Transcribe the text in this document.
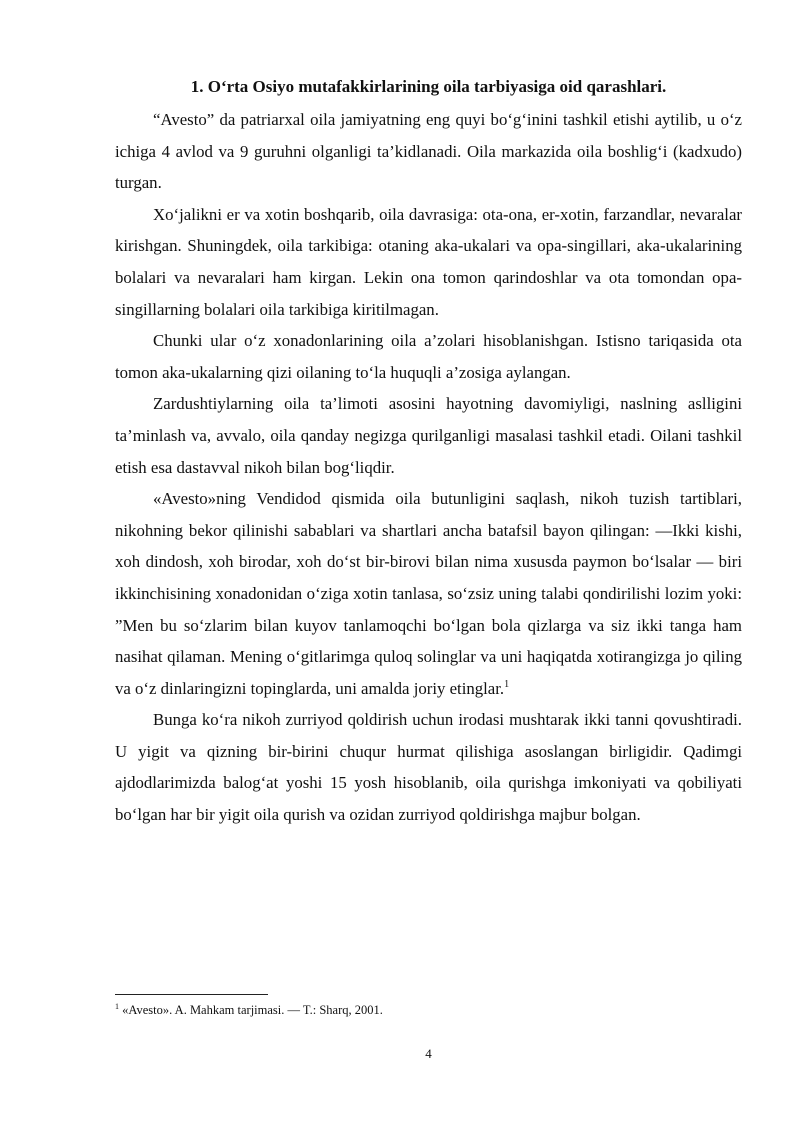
1. O‘rta Osiyo mutafakkirlarining oila tarbiyasiga oid qarashlari.

“Avesto” da patriarxal oila jamiyatning eng quyi bo‘g‘inini tashkil etishi aytilib, u o‘z ichiga 4 avlod va 9 guruhni olganligi ta’kidlanadi. Oila markazida oila boshlig‘i (kadxudo) turgan.

Xo‘jalikni er va xotin boshqarib, oila davrasiga: ota-ona, er-xotin, farzandlar, nevaralar kirishgan. Shuningdek, oila tarkibiga: otaning aka-ukalari va opa-singillari, aka-ukalarining bolalari va nevaralari ham kirgan. Lekin ona tomon qarindoshlar va ota tomondan opa-singillarning bolalari oila tarkibiga kiritilmagan.

Chunki ular o‘z xonadonlarining oila a’zolari hisoblanishgan. Istisno tariqasida ota tomon aka-ukalarning qizi oilaning to‘la huquqli a’zosiga aylangan.

Zardushtiylarning oila ta’limoti asosini hayotning davomiyligi, naslning aslligini ta’minlash va, avvalo, oila qanday negizga qurilganligi masalasi tashkil etadi. Oilani tashkil etish esa dastavval nikoh bilan bog‘liqdir.

«Avesto»ning Vendidod qismida oila butunligini saqlash, nikoh tuzish tartiblari, nikohning bekor qilinishi sabablari va shartlari ancha batafsil bayon qilingan: —Ikki kishi, xoh dindosh, xoh birodar, xoh do‘st bir-birovi bilan nima xususda paymon bo‘lsalar — biri ikkinchisining xonadonidan o‘ziga xotin tanlasa, so‘zsiz uning talabi qondirilishi lozim yoki: ”Men bu so‘zlarim bilan kuyov tanlamoqchi bo‘lgan bola qizlarga va siz ikki tanga ham nasihat qilaman. Mening o‘gitlarimga quloq solinglar va uni haqiqatda xotirangizga jo qiling va o‘z dinlaringizni topinglarda, uni amalda joriy etinglar.$^1$

Bunga ko‘ra nikoh zurriyod qoldirish uchun irodasi mushtarak ikki tanni qovushtiradi. U yigit va qizning bir-birini chuqur hurmat qilishiga asoslangan birligidir. Qadimgi ajdodlarimizda balog‘at yoshi 15 yosh hisoblanib, oila qurishga imkoniyati va qobiliyati bo‘lgan har bir yigit oila qurish va ozidan zurriyod qoldirishga majbur bolgan.

$^1$ «Avesto». A. Mahkam tarjimasi. — T.: Sharq, 2001.
4
